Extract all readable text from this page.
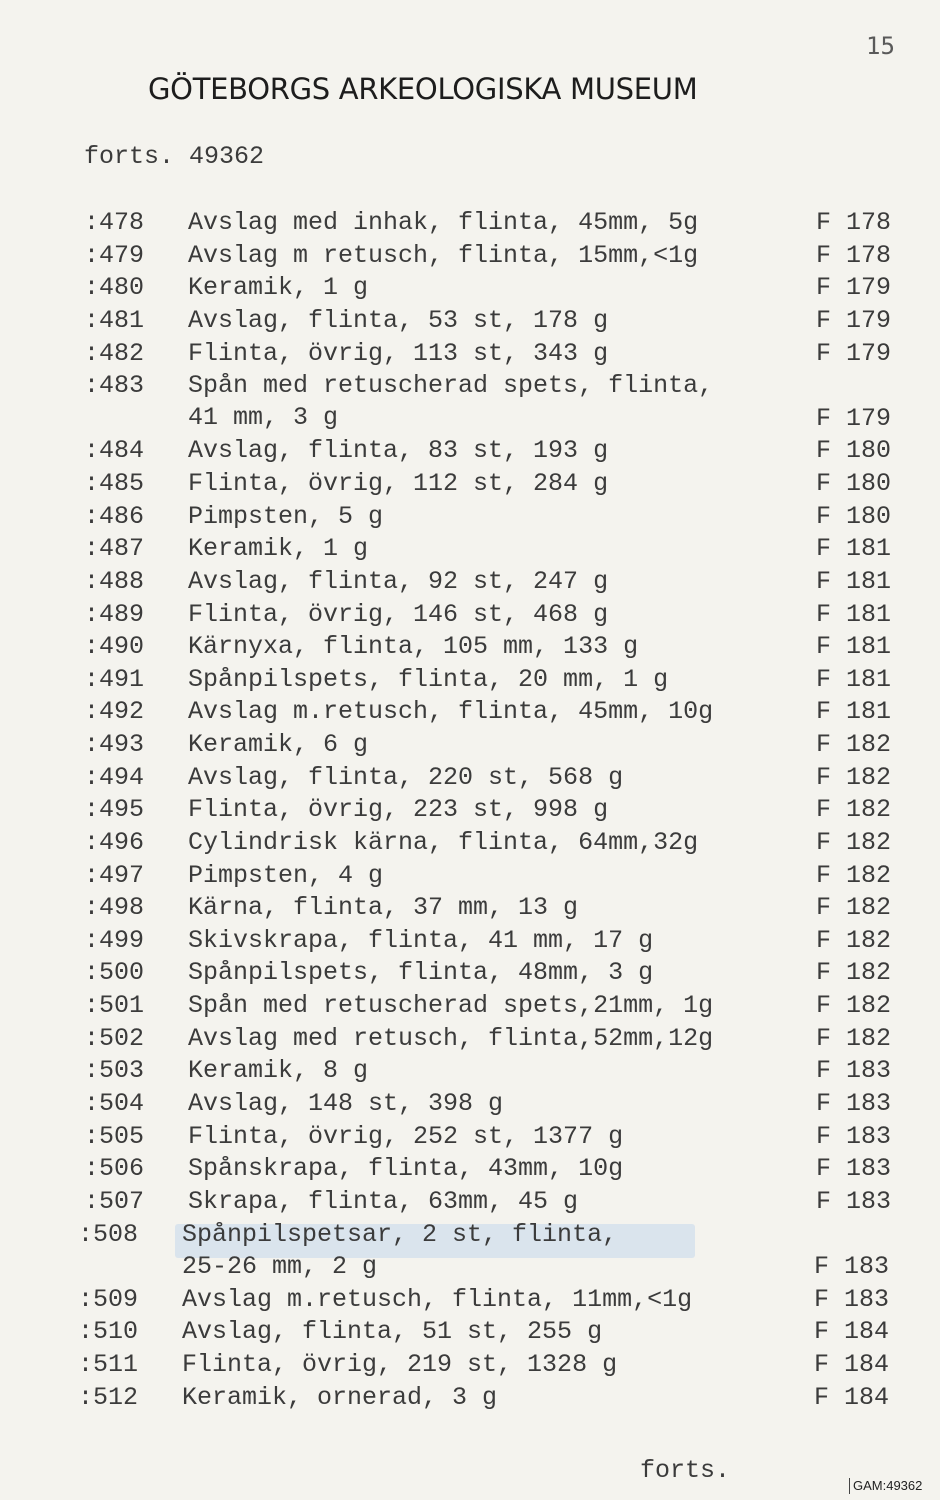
15
GÖTEBORGS ARKEOLOGISKA MUSEUM
forts. 49362
:478 Avslag med inhak, flinta, 45mm, 5g	F 178
:479 Avslag m retusch, flinta, 15mm,<1g	F 178
:480 Keramik, 1 g	F 179
:481 Avslag, flinta, 53 st, 178 g	F 179
:482 Flinta, övrig, 113 st, 343 g	F 179
:483 Spån med retuscherad spets, flinta,
41 mm, 3 g	F 179
:484 Avslag, flinta, 83 st, 193 g	F 180
:485 Flinta, övrig, 112 st, 284 g	F 180
:486 Pimpsten, 5 g	F 180
:487 Keramik, 1 g	F 181
:488 Avslag, flinta, 92 st, 247 g	F 181
:489 Flinta, övrig, 146 st, 468 g	F 181
:490 Kärnyxa, flinta, 105 mm, 133 g	F 181
:491 Spånpilspets, flinta, 20 mm, 1 g	F 181
:492 Avslag m.retusch, flinta, 45mm, 10g	F 181
:493 Keramik, 6 g	F 182
:494 Avslag, flinta, 220 st, 568 g	F 182
:495 Flinta, övrig, 223 st, 998 g	F 182
:496 Cylindrisk kärna, flinta, 64mm,32g	F 182
:497 Pimpsten, 4 g	F 182
:498 Kärna, flinta, 37 mm, 13 g	F 182
:499 Skivskrapa, flinta, 41 mm, 17 g	F 182
:500 Spånpilspets, flinta, 48mm, 3 g	F 182
:501 Spån med retuscherad spets,21mm, 1g	F 182
:502 Avslag med retusch, flinta,52mm,12g	F 182
:503 Keramik, 8 g	F 183
:504 Avslag, 148 st, 398 g	F 183
:505 Flinta, övrig, 252 st, 1377 g	F 183
:506 Spånskrapa, flinta, 43mm, 10g	F 183
:507 Skrapa, flinta, 63mm, 45 g	F 183
:508 Spånpilspetsar, 2 st, flinta,
25-26 mm, 2 g	F 183
:509 Avslag m.retusch, flinta, 11mm,<1g	F 183
:510 Avslag, flinta, 51 st, 255 g	F 184
:511 Flinta, övrig, 219 st, 1328 g	F 184
:512 Keramik, ornerad, 3 g	F 184
forts.
GAM:49362
